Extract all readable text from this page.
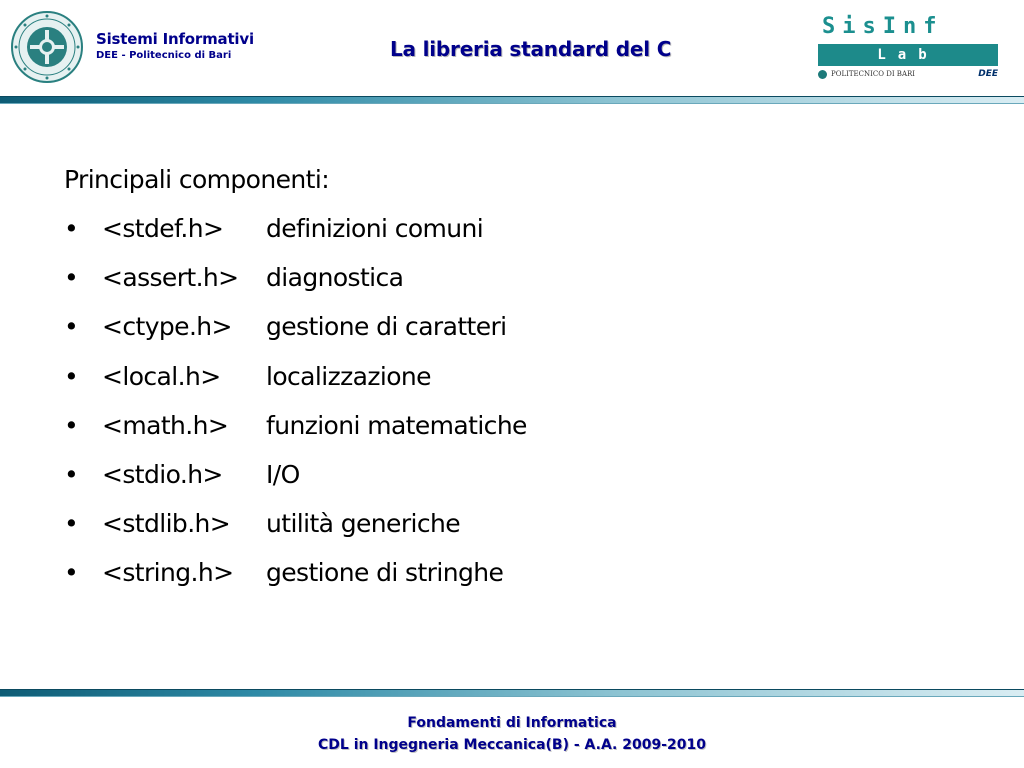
Sistemi Informativi
DEE - Politecnico di Bari	La libreria standard del C
SisInf
Lab
POLITECNICO DI BARI	DEE
Principali componenti:
• <stdef.h>	definizioni comuni
• <assert.h>	diagnostica
• <ctype.h>	gestione di caratteri
• <local.h>	localizzazione
• <math.h>	funzioni matematiche
• <stdio.h>	I/O
• <stdlib.h>	utilità generiche
• <string.h>	gestione di stringhe
Fondamenti di Informatica
CDL in Ingegneria Meccanica(B) - A.A. 2009-2010
